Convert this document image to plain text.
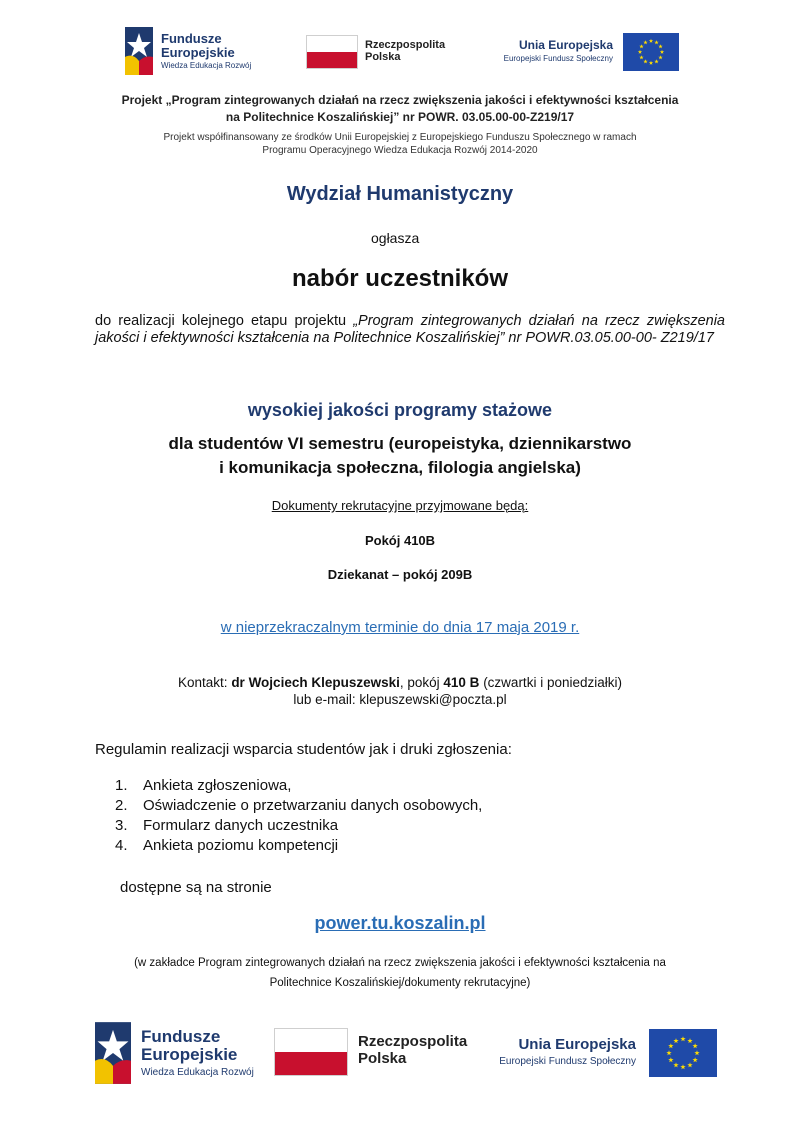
Fundusze
Europejskie
Wiedza Edukacja Rozwój
Rzeczpospolita
Polska
Unia Europejska
Europejski Fundusz Społeczny
Projekt „Program zintegrowanych działań na rzecz zwiększenia jakości i efektywności kształcenia
na Politechnice Koszalińskiej” nr POWR. 03.05.00-00-Z219/17
Projekt współfinansowany ze środków Unii Europejskiej z Europejskiego Funduszu Społecznego w ramach
Programu Operacyjnego Wiedza Edukacja Rozwój 2014-2020
Wydział Humanistyczny
ogłasza
nabór uczestników
do realizacji kolejnego etapu projektu „Program zintegrowanych działań na rzecz zwiększenia jakości i efektywności kształcenia na Politechnice Koszalińskiej” nr POWR.03.05.00-00- Z219/17
wysokiej jakości programy stażowe
dla studentów VI semestru (europeistyka, dziennikarstwo
i komunikacja społeczna, filologia angielska)
Dokumenty rekrutacyjne przyjmowane będą:
Pokój 410B
Dziekanat – pokój 209B
w nieprzekraczalnym terminie do dnia 17 maja 2019 r.
Kontakt: dr Wojciech Klepuszewski, pokój 410 B (czwartki i poniedziałki)
lub e-mail: klepuszewski@poczta.pl
Regulamin realizacji wsparcia studentów jak i druki zgłoszenia:
1. Ankieta zgłoszeniowa,
2. Oświadczenie o przetwarzaniu danych osobowych,
3. Formularz danych uczestnika
4. Ankieta poziomu kompetencji
dostępne są na stronie
power.tu.koszalin.pl
(w zakładce Program zintegrowanych działań na rzecz zwiększenia jakości i efektywności kształcenia na
Politechnice Koszalińskiej/dokumenty rekrutacyjne)
Fundusze
Europejskie
Wiedza Edukacja Rozwój
Rzeczpospolita
Polska
Unia Europejska
Europejski Fundusz Społeczny
